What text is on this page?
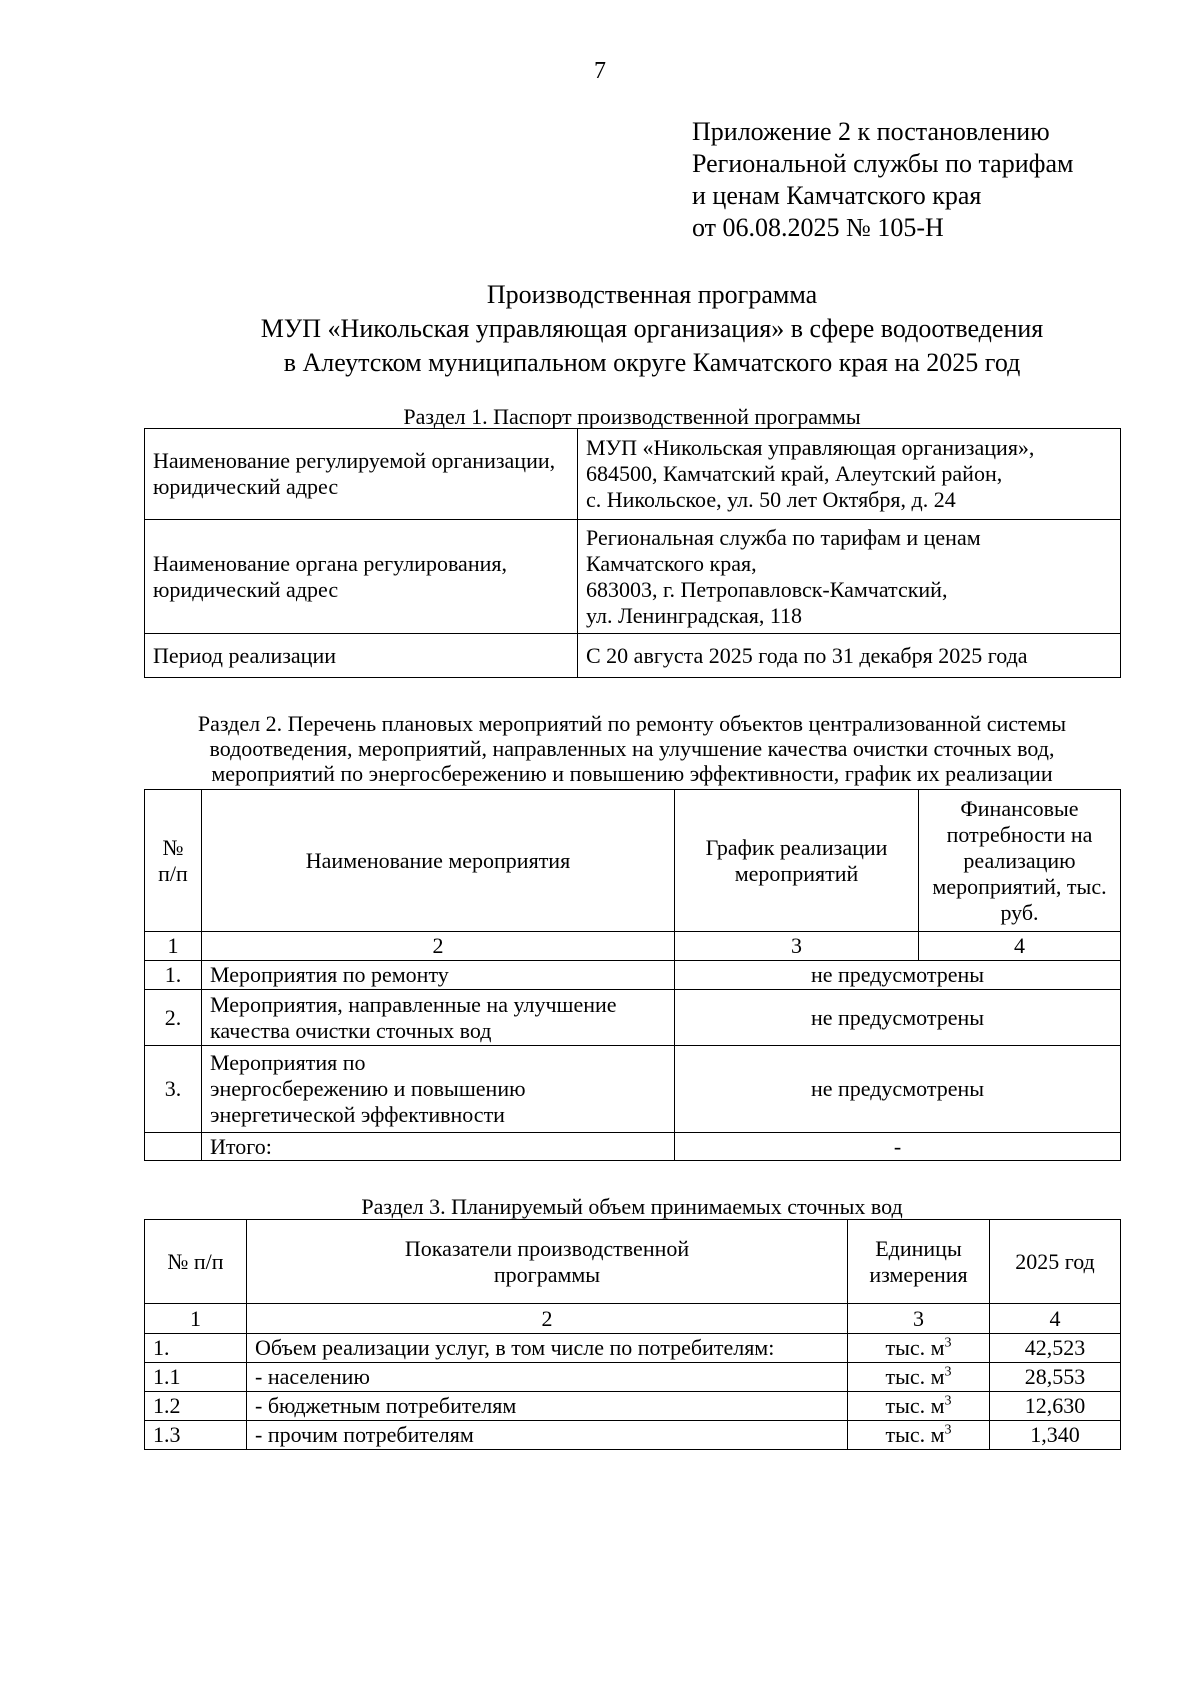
7
Приложение 2 к постановлению
Региональной службы по тарифам
и ценам Камчатского края
от 06.08.2025 № 105-Н
Производственная программа
МУП «Никольская управляющая организация» в сфере водоотведения
в Алеутском муниципальном округе Камчатского края на 2025 год
Раздел 1. Паспорт производственной программы
Наименование регулируемой организации, юридический адрес	МУП «Никольская управляющая организация»,
684500, Камчатский край, Алеутский район,
с. Никольское, ул. 50 лет Октября, д. 24

Наименование органа регулирования, юридический адрес	Региональная служба по тарифам и ценам
Камчатского края,
683003, г. Петропавловск-Камчатский,
ул. Ленинградская, 118

Период реализации	С 20 августа 2025 года по 31 декабря 2025 года
Раздел 2. Перечень плановых мероприятий по ремонту объектов централизованной системы
водоотведения, мероприятий, направленных на улучшение качества очистки сточных вод,
мероприятий по энергосбережению и повышению эффективности, график их реализации
№ п/п	Наименование мероприятия	График реализации мероприятий	Финансовые потребности на реализацию мероприятий, тыс. руб.
1	2	3	4
1.	Мероприятия по ремонту	не предусмотрены	
2.	Мероприятия, направленные на улучшение качества очистки сточных вод	не предусмотрены	
3.	Мероприятия по энергосбережению и повышению энергетической эффективности	не предусмотрены	
	Итого:	-	
Раздел 3. Планируемый объем принимаемых сточных вод
№ п/п	Показатели производственной программы	Единицы измерения	2025 год
1	2	3	4
1.	Объем реализации услуг, в том числе по потребителям:	тыс. $м^3$	42,523
1.1	- населению	тыс. $м^3$	28,553
1.2	- бюджетным потребителям	тыс. $м^3$	12,630
1.3	- прочим потребителям	тыс. $м^3$	1,340
